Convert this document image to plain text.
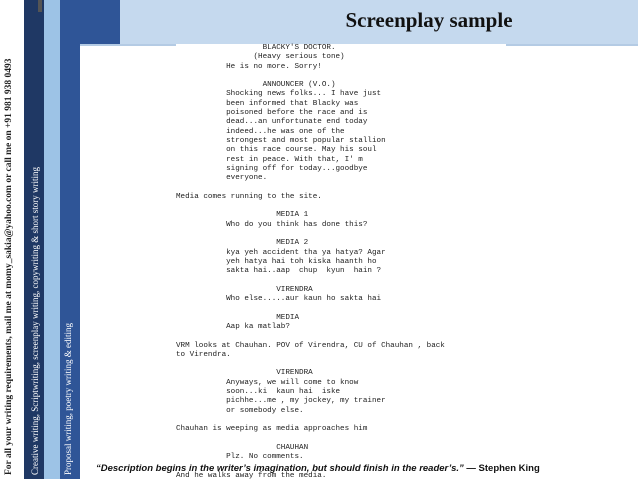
For all your writing requirements, mail me at momy_sakia@yahoo.com or call me on +91 981 938 0493 Creative writing, Scriptwriting, screenplay writing, copywriting & short story writing	Proposal writing, poetry writing & editing
Screenplay sample
BLACKY'S DOCTOR.
(Heavy serious tone)
He is no more. Sorry!
ANNOUNCER (V.O.)
Shocking news folks... I have just
been informed that Blacky was
poisoned before the race and is
dead...an unfortunate end today
indeed...he was one of the
strongest and most popular stallion
on this race course. May his soul
rest in peace. With that, I' m
signing off for today...goodbye
everyone.
Media comes running to the site.
MEDIA 1
Who do you think has done this?
MEDIA 2
kya yeh accident tha ya hatya? Agar
yeh hatya hai toh kiska haanth ho
sakta hai..aap  chup  kyun  hain ?
VIRENDRA
Who else.....aur kaun ho sakta hai
MEDIA
Aap ka matlab?
VRM looks at Chauhan. POV of Virendra, CU of Chauhan , back
to Virendra.
VIRENDRA
Anyways, we will come to know
soon...ki  kaun hai  iske
pichhe...me , my jockey, my trainer
or somebody else.
Chauhan is weeping as media approaches him
CHAUHAN
Plz. No comments.
And he walks away from the media.
“Description begins in the writer’s imagination, but should finish in the reader’s.” — Stephen King
